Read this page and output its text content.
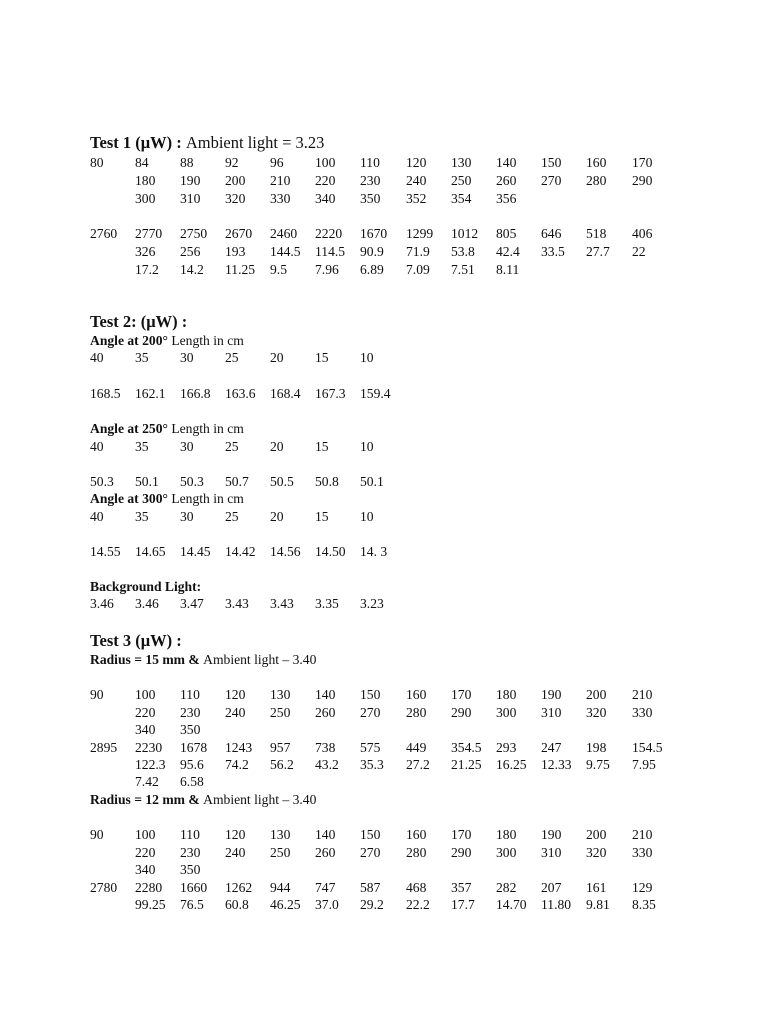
Test 1 (μW) : Ambient light = 3.23
80 84 88 92 96 100 110 120 130 140 150 160 170
180 190 200 210 220 230 240 250 260 270 280 290
300 310 320 330 340 350 352 354 356
2760 2770 2750 2670 2460 2220 1670 1299 1012 805 646 518 406
326 256 193 144.5 114.5 90.9 71.9 53.8 42.4 33.5 27.7 22
17.2 14.2 11.25 9.5 7.96 6.89 7.09 7.51 8.11
Test 2: (μW) :
Angle at 200° Length in cm
40 35 30 25 20 15 10
168.5 162.1 166.8 163.6 168.4 167.3 159.4
Angle at 250° Length in cm
40 35 30 25 20 15 10
50.3 50.1 50.3 50.7 50.5 50.8 50.1
Angle at 300° Length in cm
40 35 30 25 20 15 10
14.55 14.65 14.45 14.42 14.56 14.50 14. 3
Background Light:
3.46 3.46 3.47 3.43 3.43 3.35 3.23
Test 3 (μW) :
Radius = 15 mm & Ambient light – 3.40
90 100 110 120 130 140 150 160 170 180 190 200 210
220 230 240 250 260 270 280 290 300 310 320 330
340 350
2895 2230 1678 1243 957 738 575 449 354.5 293 247 198 154.5
122.3 95.6 74.2 56.2 43.2 35.3 27.2 21.25 16.25 12.33 9.75 7.95
7.42 6.58
Radius = 12 mm & Ambient light – 3.40
90 100 110 120 130 140 150 160 170 180 190 200 210
220 230 240 250 260 270 280 290 300 310 320 330
340 350
2780 2280 1660 1262 944 747 587 468 357 282 207 161 129
99.25 76.5 60.8 46.25 37.0 29.2 22.2 17.7 14.70 11.80 9.81 8.35
